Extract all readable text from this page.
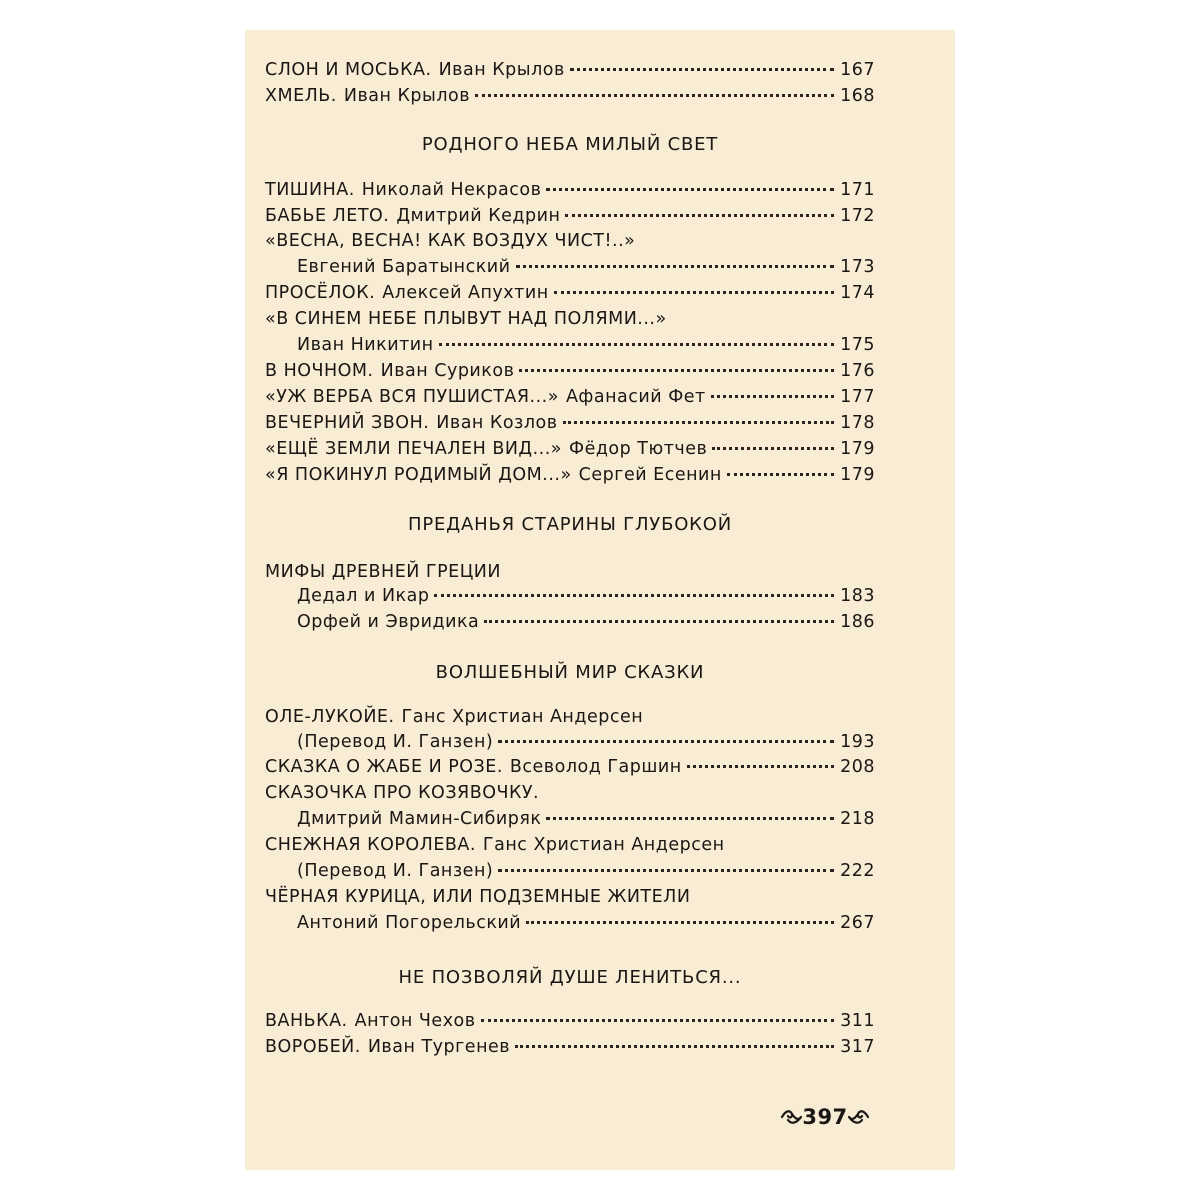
СЛОН И МОСЬКА. Иван Крылов	167
ХМЕЛЬ. Иван Крылов	168
РОДНОГО НЕБА МИЛЫЙ СВЕТ
ТИШИНА. Николай Некрасов	171
БАБЬЕ ЛЕТО. Дмитрий Кедрин	172
«ВЕСНА, ВЕСНА! КАК ВОЗДУХ ЧИСТ!..»
Евгений Баратынский	173
ПРОСЁЛОК. Алексей Апухтин	174
«В СИНЕМ НЕБЕ ПЛЫВУТ НАД ПОЛЯМИ...»
Иван Никитин	175
В НОЧНОМ. Иван Суриков	176
«УЖ ВЕРБА ВСЯ ПУШИСТАЯ...» Афанасий Фет	177
ВЕЧЕРНИЙ ЗВОН. Иван Козлов	178
«ЕЩЁ ЗЕМЛИ ПЕЧАЛЕН ВИД...» Фёдор Тютчев	179
«Я ПОКИНУЛ РОДИМЫЙ ДОМ...» Сергей Есенин	179
ПРЕДАНЬЯ СТАРИНЫ ГЛУБОКОЙ
МИФЫ ДРЕВНЕЙ ГРЕЦИИ
Дедал и Икар	183
Орфей и Эвридика	186
ВОЛШЕБНЫЙ МИР СКАЗКИ
ОЛЕ-ЛУКОЙЕ. Ганс Христиан Андерсен
(Перевод И. Ганзен)	193
СКАЗКА О ЖАБЕ И РОЗЕ. Всеволод Гаршин	208
СКАЗОЧКА ПРО КОЗЯВОЧКУ.
Дмитрий Мамин-Сибиряк	218
СНЕЖНАЯ КОРОЛЕВА. Ганс Христиан Андерсен
(Перевод И. Ганзен)	222
ЧЁРНАЯ КУРИЦА, ИЛИ ПОДЗЕМНЫЕ ЖИТЕЛИ
Антоний Погорельский	267
НЕ ПОЗВОЛЯЙ ДУШЕ ЛЕНИТЬСЯ...
ВАНЬКА. Антон Чехов	311
ВОРОБЕЙ. Иван Тургенев	317
397
